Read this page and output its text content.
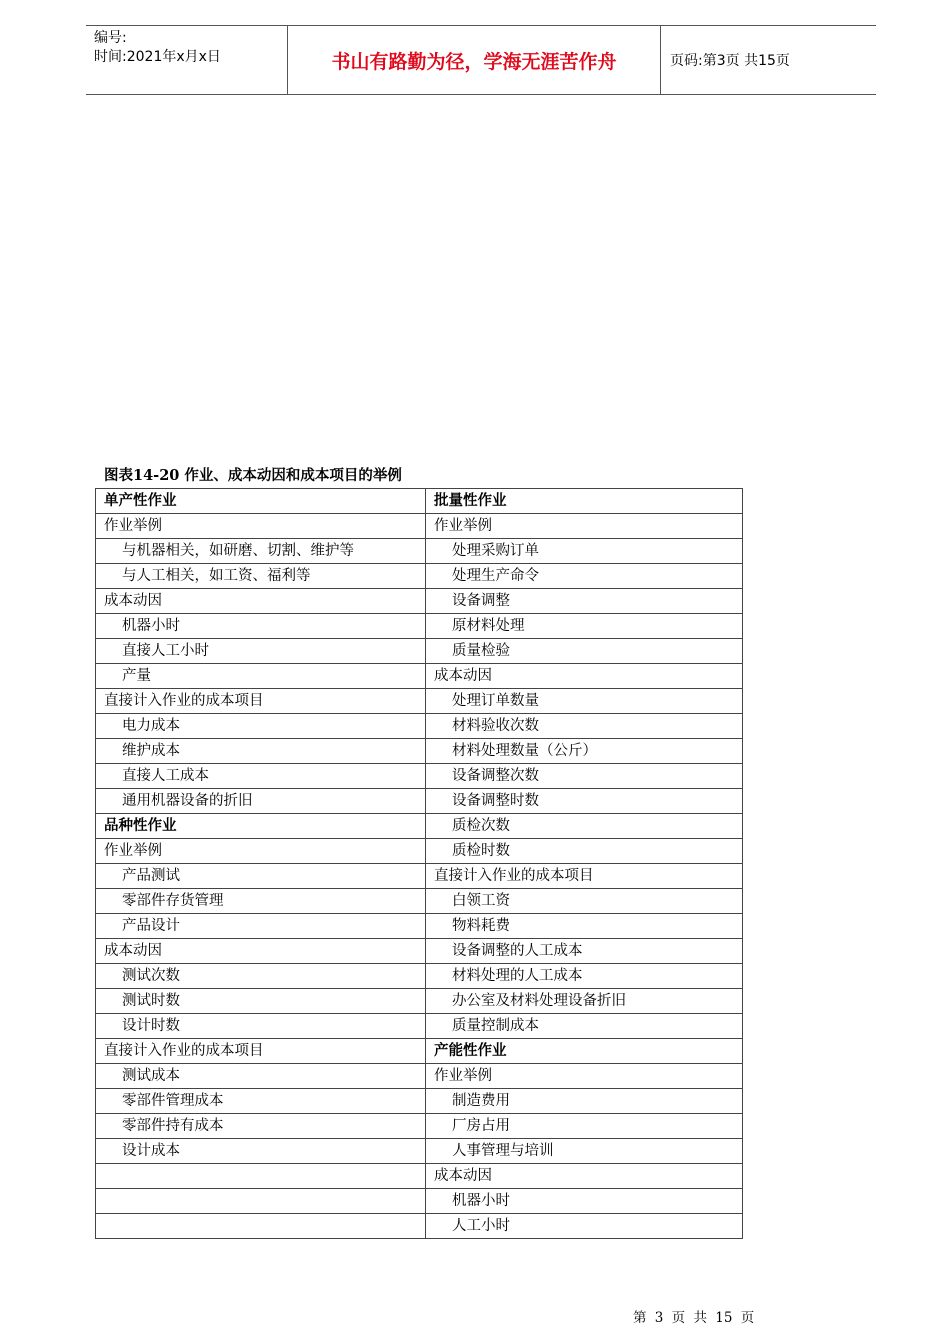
编号:
时间:2021年x月x日	书山有路勤为径，学海无涯苦作舟	页码:第3页 共15页
图表14-20 作业、成本动因和成本项目的举例
单产性作业	批量性作业
作业举例	作业举例
与机器相关，如研磨、切割、维护等	处理采购订单
与人工相关，如工资、福利等	处理生产命令
成本动因	设备调整
机器小时	原材料处理
直接人工小时	质量检验
产量	成本动因
直接计入作业的成本项目	处理订单数量
电力成本	材料验收次数
维护成本	材料处理数量（公斤）
直接人工成本	设备调整次数
通用机器设备的折旧	设备调整时数
品种性作业	质检次数
作业举例	质检时数
产品测试	直接计入作业的成本项目
零部件存货管理	白领工资
产品设计	物料耗费
成本动因	设备调整的人工成本
测试次数	材料处理的人工成本
测试时数	办公室及材料处理设备折旧
设计时数	质量控制成本
直接计入作业的成本项目	产能性作业
测试成本	作业举例
零部件管理成本	制造费用
零部件持有成本	厂房占用
设计成本	人事管理与培训
	成本动因
	机器小时
	人工小时
第 3 页 共 15 页
